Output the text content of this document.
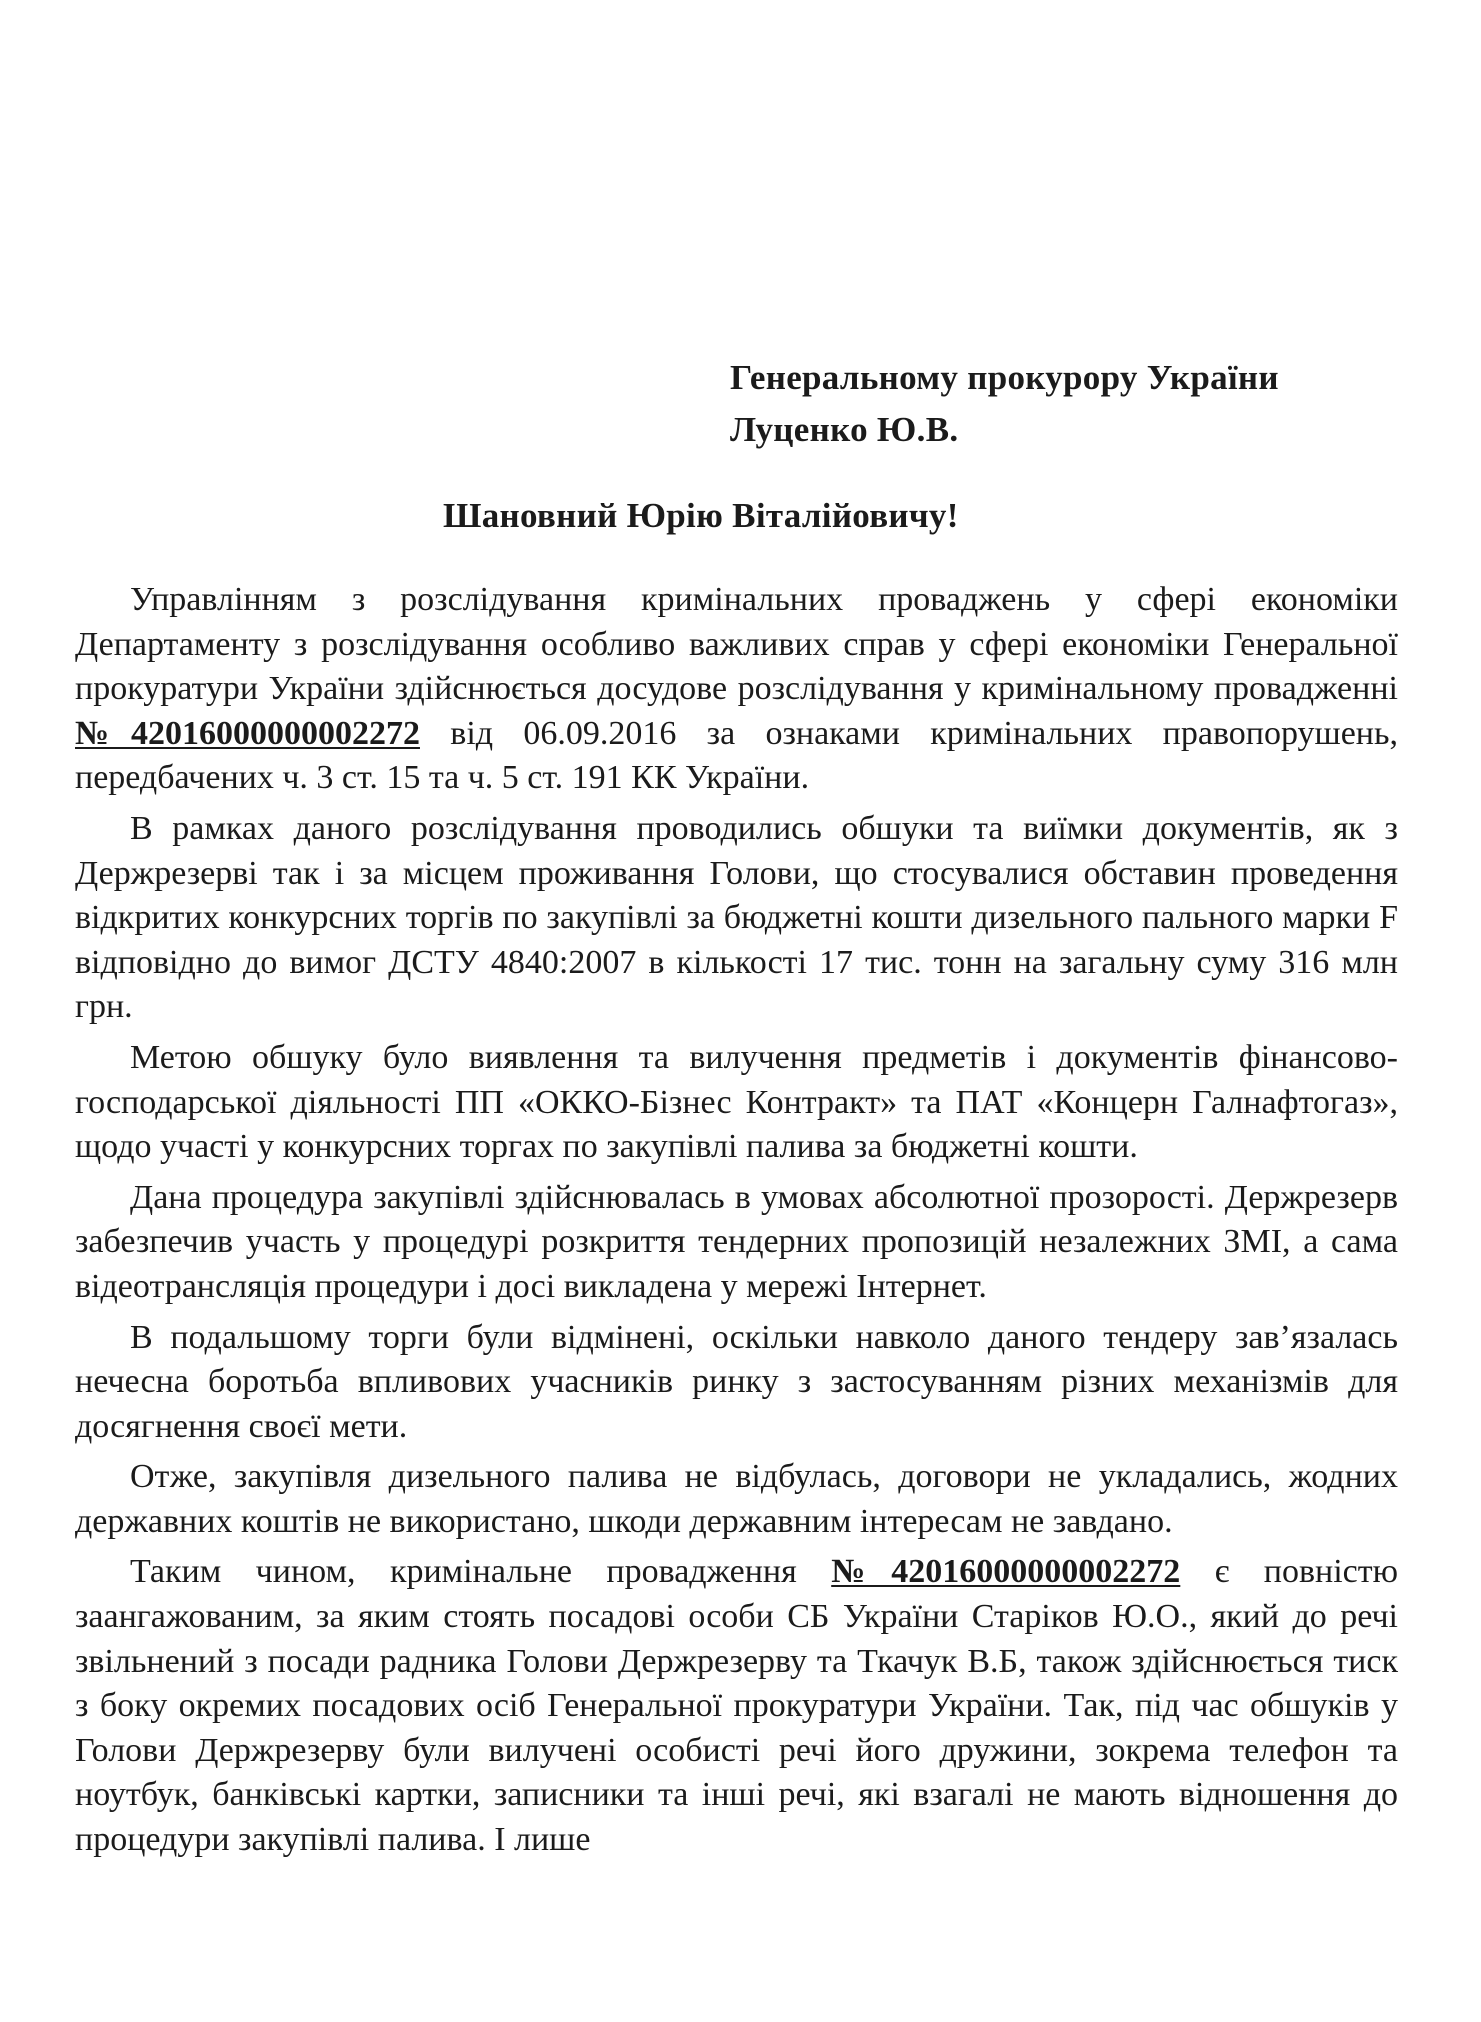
Генеральному прокурору України
Луценко Ю.В.
Шановний Юрію Віталійовичу!

Управлінням з розслідування кримінальних проваджень у сфері економіки Департаменту з розслідування особливо важливих справ у сфері економіки Генеральної прокуратури України здійснюється досудове розслідування у кримінальному провадженні №42016000000002272 від 06.09.2016 за ознаками кримінальних правопорушень, передбачених ч. 3 ст. 15 та ч. 5 ст. 191 КК України.

В рамках даного розслідування проводились обшуки та виїмки документів, як з Держрезерві так і за місцем проживання Голови, що стосувалися обставин проведення відкритих конкурсних торгів по закупівлі за бюджетні кошти дизельного пального марки F відповідно до вимог ДСТУ 4840:2007 в кількості 17 тис. тонн на загальну суму 316 млн грн.

Метою обшуку було виявлення та вилучення предметів і документів фінансово-господарської діяльності ПП «ОККО-Бізнес Контракт» та ПАТ «Концерн Галнафтогаз», щодо участі у конкурсних торгах по закупівлі палива за бюджетні кошти.

Дана процедура закупівлі здійснювалась в умовах абсолютної прозорості. Держрезерв забезпечив участь у процедурі розкриття тендерних пропозицій незалежних ЗМІ, а сама відеотрансляція процедури і досі викладена у мережі Інтернет.

В подальшому торги були відмінені, оскільки навколо даного тендеру зав’язалась нечесна боротьба впливових учасників ринку з застосуванням різних механізмів для досягнення своєї мети.

Отже, закупівля дизельного палива не відбулась, договори не укладались, жодних державних коштів не використано, шкоди державним інтересам не завдано.

Таким чином, кримінальне провадження №42016000000002272 є повністю заангажованим, за яким стоять посадові особи СБ України Старіков Ю.О., який до речі звільнений з посади радника Голови Держрезерву та Ткачук В.Б, також здійснюється тиск з боку окремих посадових осіб Генеральної прокуратури України. Так, під час обшуків у Голови Держрезерву були вилучені особисті речі його дружини, зокрема телефон та ноутбук, банківські картки, записники та інші речі, які взагалі не мають відношення до процедури закупівлі палива. І лише
